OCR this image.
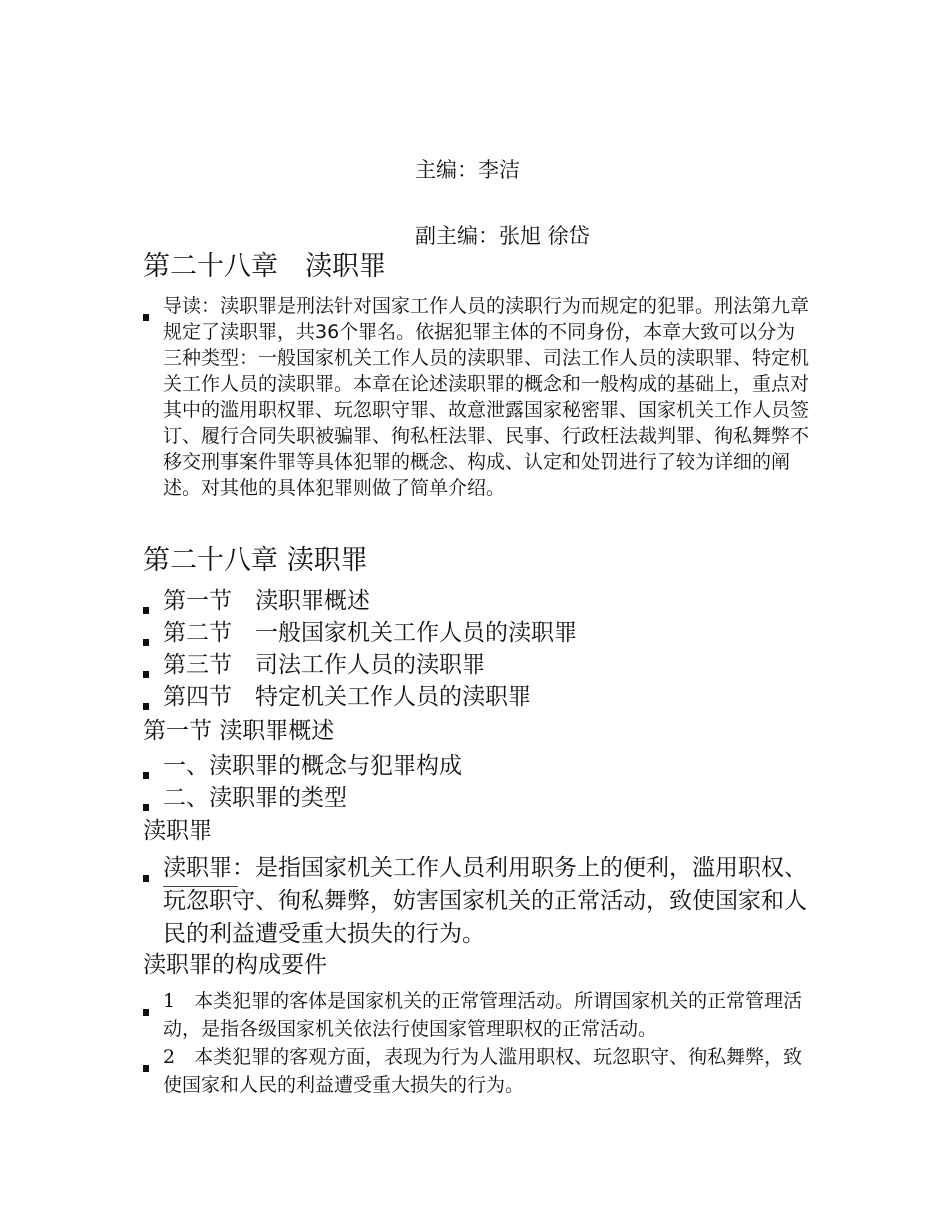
主编：李洁
副主编：张旭 徐岱
第二十八章　渎职罪
导读：渎职罪是刑法针对国家工作人员的渎职行为而规定的犯罪。刑法第九章规定了渎职罪，共36个罪名。依据犯罪主体的不同身份，本章大致可以分为三种类型：一般国家机关工作人员的渎职罪、司法工作人员的渎职罪、特定机关工作人员的渎职罪。本章在论述渎职罪的概念和一般构成的基础上，重点对其中的滥用职权罪、玩忽职守罪、故意泄露国家秘密罪、国家机关工作人员签订、履行合同失职被骗罪、徇私枉法罪、民事、行政枉法裁判罪、徇私舞弊不移交刑事案件罪等具体犯罪的概念、构成、认定和处罚进行了较为详细的阐述。对其他的具体犯罪则做了简单介绍。
第二十八章 渎职罪
第一节　渎职罪概述
第二节　一般国家机关工作人员的渎职罪
第三节　司法工作人员的渎职罪
第四节　特定机关工作人员的渎职罪
第一节 渎职罪概述
一、渎职罪的概念与犯罪构成
二、渎职罪的类型
渎职罪
渎职罪：是指国家机关工作人员利用职务上的便利，滥用职权、玩忽职守、徇私舞弊，妨害国家机关的正常活动，致使国家和人民的利益遭受重大损失的行为。
渎职罪的构成要件
1　本类犯罪的客体是国家机关的正常管理活动。所谓国家机关的正常管理活动，是指各级国家机关依法行使国家管理职权的正常活动。
2　本类犯罪的客观方面，表现为行为人滥用职权、玩忽职守、徇私舞弊，致使国家和人民的利益遭受重大损失的行为。
